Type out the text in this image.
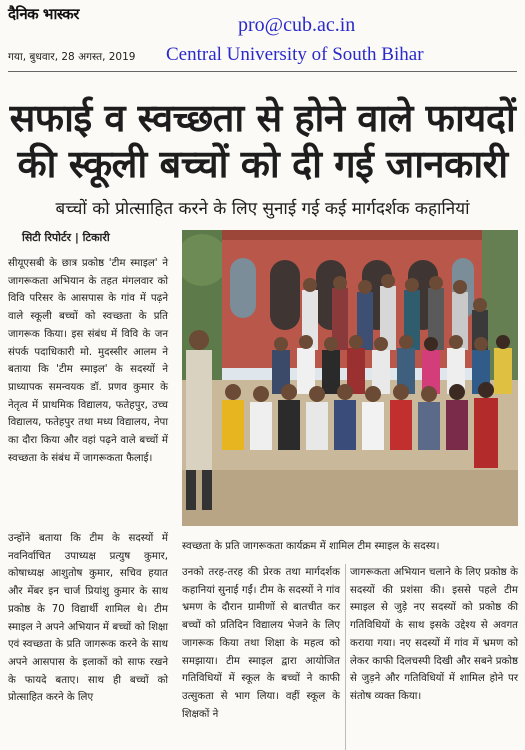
दैनिक भास्कर
गया, बुधवार, 28 अगस्त, 2019
pro@cub.ac.in
Central University of South Bihar
सफाई व स्वच्छता से होने वाले फायदों
की स्कूली बच्चों को दी गई जानकारी
बच्चों को प्रोत्साहित करने के लिए सुनाई गई कई मार्गदर्शक कहानियां
सिटी रिपोर्टर | टिकारी

सीयूएसबी के छात्र प्रकोष्ठ 'टीम स्माइल' ने जागरूकता अभियान के तहत मंगलवार को विवि परिसर के आसपास के गांव में पढ़ने वाले स्कूली बच्चों को स्वच्छता के प्रति जागरूक किया। इस संबंध में विवि के जन संपर्क पदाधिकारी मो. मुदस्सीर आलम ने बताया कि 'टीम स्माइल' के सदस्यों ने प्राध्यापक समन्वयक डॉ. प्रणव कुमार के नेतृत्व में प्राथमिक विद्यालय, फतेहपुर, उच्च विद्यालय, फतेहपुर तथा मध्य विद्यालय, नेपा का दौरा किया और वहां पढ़ने वाले बच्चों में स्वच्छता के संबंध में जागरूकता फैलाई।

उन्होंने बताया कि टीम के सदस्यों में नवनिर्वाचित उपाध्यक्ष प्रत्युष कुमार, कोषाध्यक्ष आशुतोष कुमार, सचिव हयात और मेंबर इन चार्ज प्रियांशु कुमार के साथ प्रकोष्ठ के 70 विद्यार्थी शामिल थे। टीम स्माइल ने अपने अभियान में बच्चों को शिक्षा एवं स्वच्छता के प्रति जागरूक करने के साथ अपने आसपास के इलाकों को साफ रखने के फायदे बताए। साथ ही बच्चों को प्रोत्साहित करने के लिए

स्वच्छता के प्रति जागरूकता कार्यक्रम में शामिल टीम स्माइल के सदस्य।

उनको तरह-तरह की प्रेरक तथा मार्गदर्शक कहानियां सुनाई गईं। टीम के सदस्यों ने गांव भ्रमण के दौरान ग्रामीणों से बातचीत कर बच्चों को प्रतिदिन विद्यालय भेजने के लिए जागरूक किया तथा शिक्षा के महत्व को समझाया। टीम स्माइल द्वारा आयोजित गतिविधियों में स्कूल के बच्चों ने काफी उत्सुकता से भाग लिया। वहीं स्कूल के शिक्षकों ने

जागरूकता अभियान चलाने के लिए प्रकोष्ठ के सदस्यों की प्रशंसा की। इससे पहले टीम स्माइल से जुड़े नए सदस्यों को प्रकोष्ठ की गतिविधियों के साथ इसके उद्देश्य से अवगत कराया गया। नए सदस्यों में गांव में भ्रमण को लेकर काफी दिलचस्पी दिखी और सबने प्रकोष्ठ से जुड़ने और गतिविधियों में शामिल होने पर संतोष व्यक्त किया।
